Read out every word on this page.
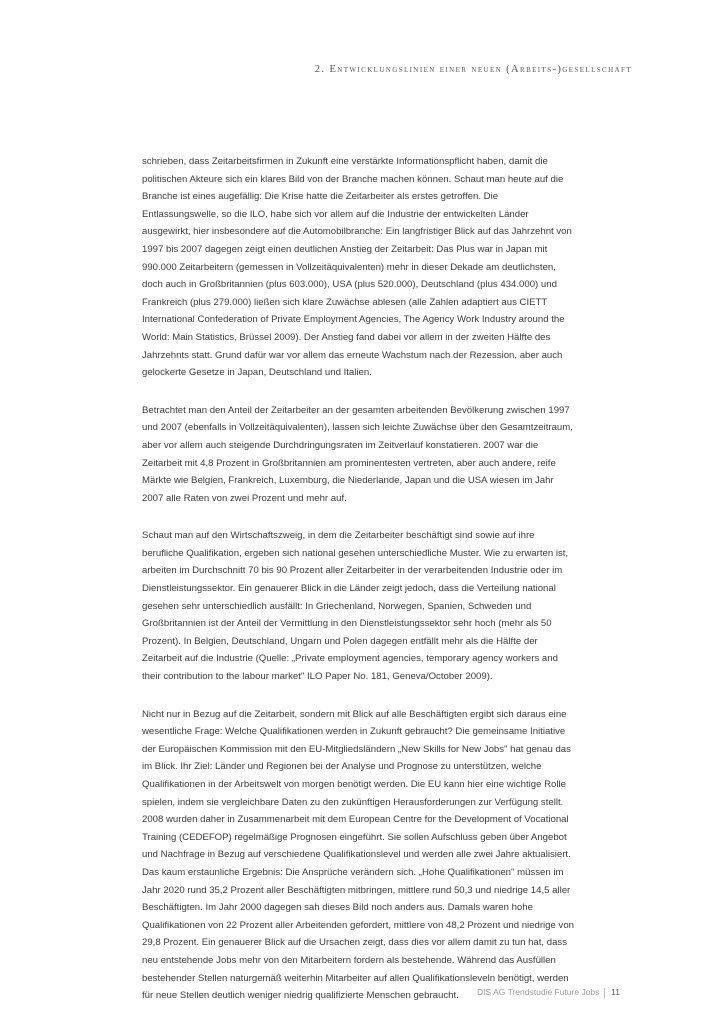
2. Entwicklungslinien einer neuen (Arbeits-)gesellschaft

schrieben, dass Zeitarbeitsfirmen in Zukunft eine verstärkte Informationspflicht haben, damit die politischen Akteure sich ein klares Bild von der Branche machen können. Schaut man heute auf die Branche ist eines augefällig: Die Krise hatte die Zeitarbeiter als erstes getroffen. Die Entlassungswelle, so die ILO, habe sich vor allem auf die Industrie der entwickelten Länder ausgewirkt, hier insbesondere auf die Automobilbranche: Ein langfristiger Blick auf das Jahrzehnt von 1997 bis 2007 dagegen zeigt einen deutlichen Anstieg der Zeitarbeit: Das Plus war in Japan mit 990.000 Zeitarbeitern (gemessen in Vollzeitäquivalenten) mehr in dieser Dekade am deutlichsten, doch auch in Großbritannien (plus 603.000), USA (plus 520.000), Deutschland (plus 434.000) und Frankreich (plus 279.000) ließen sich klare Zuwächse ablesen (alle Zahlen adaptiert aus CIETT International Confederation of Private Employment Agencies, The Agency Work Industry around the World: Main Statistics, Brüssel 2009). Der Anstieg fand dabei vor allem in der zweiten Hälfte des Jahrzehnts statt. Grund dafür war vor allem das erneute Wachstum nach der Rezession, aber auch gelockerte Gesetze in Japan, Deutschland und Italien.

Betrachtet man den Anteil der Zeitarbeiter an der gesamten arbeitenden Bevölkerung zwischen 1997 und 2007 (ebenfalls in Vollzeitäquivalenten), lassen sich leichte Zuwächse über den Gesamtzeitraum, aber vor allem auch steigende Durchdringungsraten im Zeitverlauf konstatieren. 2007 war die Zeitarbeit mit 4,8 Prozent in Großbritannien am prominentesten vertreten, aber auch andere, reife Märkte wie Belgien, Frankreich, Luxemburg, die Niederlande, Japan und die USA wiesen im Jahr 2007 alle Raten von zwei Prozent und mehr auf.

Schaut man auf den Wirtschaftszweig, in dem die Zeitarbeiter beschäftigt sind sowie auf ihre berufliche Qualifikation, ergeben sich national gesehen unterschiedliche Muster. Wie zu erwarten ist, arbeiten im Durchschnitt 70 bis 90 Prozent aller Zeitarbeiter in der verarbeitenden Industrie oder im Dienstleistungssektor. Ein genauerer Blick in die Länder zeigt jedoch, dass die Verteilung national gesehen sehr unterschiedlich ausfällt: In Griechenland, Norwegen, Spanien, Schweden und Großbritannien ist der Anteil der Vermittlung in den Dienstleistungssektor sehr hoch (mehr als 50 Prozent). In Belgien, Deutschland, Ungarn und Polen dagegen entfällt mehr als die Hälfte der Zeitarbeit auf die Industrie (Quelle: „Private employment agencies, temporary agency workers and their contribution to the labour market" ILO Paper No. 181, Geneva/October 2009).

Nicht nur in Bezug auf die Zeitarbeit, sondern mit Blick auf alle Beschäftigten ergibt sich daraus eine wesentliche Frage: Welche Qualifikationen werden in Zukunft gebraucht? Die gemeinsame Initiative der Europäischen Kommission mit den EU-Mitgliedsländern „New Skills for New Jobs" hat genau das im Blick. Ihr Ziel: Länder und Regionen bei der Analyse und Prognose zu unterstützen, welche Qualifikationen in der Arbeitswelt von morgen benötigt werden. Die EU kann hier eine wichtige Rolle spielen, indem sie vergleichbare Daten zu den zukünftigen Herausforderungen zur Verfügung stellt. 2008 wurden daher in Zusammenarbeit mit dem European Centre for the Development of Vocational Training (CEDEFOP) regelmäßige Prognosen eingeführt. Sie sollen Aufschluss geben über Angebot und Nachfrage in Bezug auf verschiedene Qualifikationslevel und werden alle zwei Jahre aktualisiert. Das kaum erstaunliche Ergebnis: Die Ansprüche verändern sich. „Hohe Qualifikationen" müssen im Jahr 2020 rund 35,2 Prozent aller Beschäftigten mitbringen, mittlere rund 50,3 und niedrige 14,5 aller Beschäftigten. Im Jahr 2000 dagegen sah dieses Bild noch anders aus. Damals waren hohe Qualifikationen von 22 Prozent aller Arbeitenden gefordert, mittlere von 48,2 Prozent und niedrige von 29,8 Prozent. Ein genauerer Blick auf die Ursachen zeigt, dass dies vor allem damit zu tun hat, dass neu entstehende Jobs mehr von den Mitarbeitern fordern als bestehende. Während das Ausfüllen bestehender Stellen naturgemäß weiterhin Mitarbeiter auf allen Qualifikationsleveln benötigt, werden für neue Stellen deutlich weniger niedrig qualifizierte Menschen gebraucht.	DIS AG Trendstudie Future Jobs 11
